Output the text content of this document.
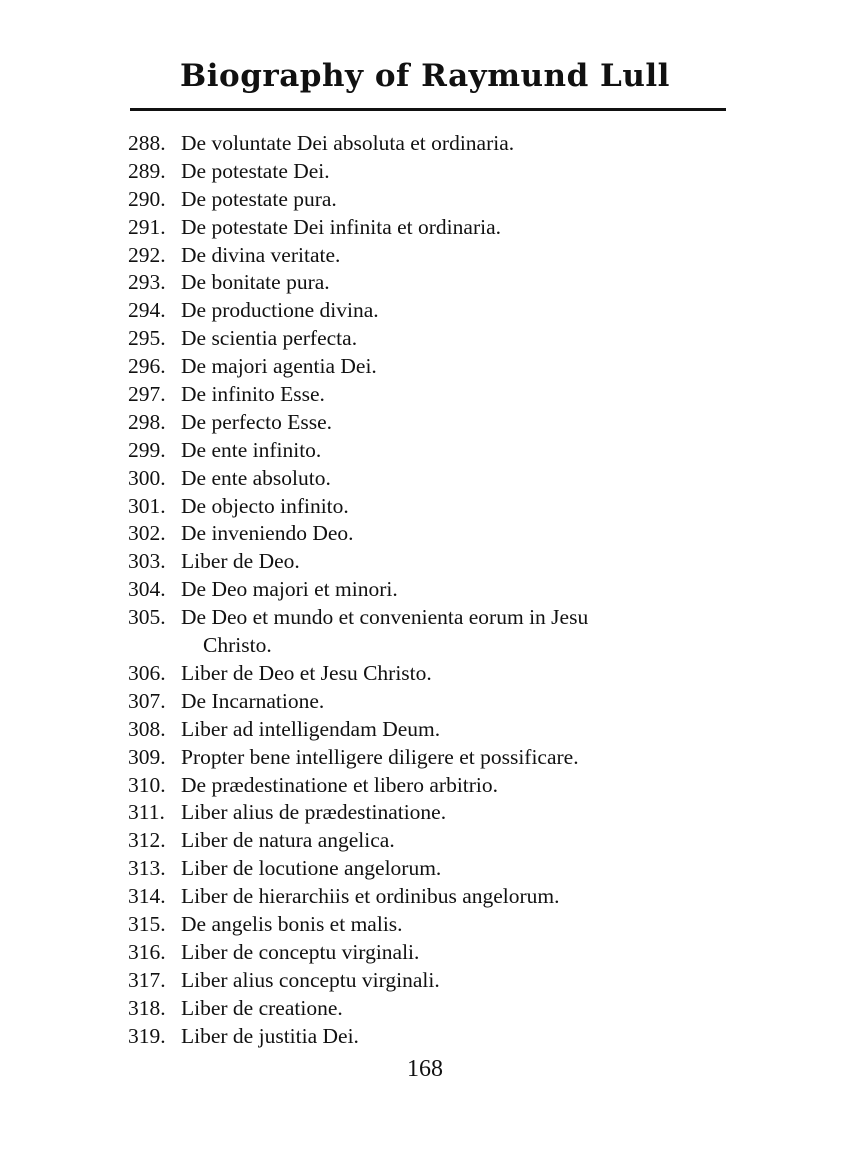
Biography of Raymund Lull
288. De voluntate Dei absoluta et ordinaria.
289. De potestate Dei.
290. De potestate pura.
291. De potestate Dei infinita et ordinaria.
292. De divina veritate.
293. De bonitate pura.
294. De productione divina.
295. De scientia perfecta.
296. De majori agentia Dei.
297. De infinito Esse.
298. De perfecto Esse.
299. De ente infinito.
300. De ente absoluto.
301. De objecto infinito.
302. De inveniendo Deo.
303. Liber de Deo.
304. De Deo majori et minori.
305. De Deo et mundo et convenienta eorum in Jesu
Christo.
306. Liber de Deo et Jesu Christo.
307. De Incarnatione.
308. Liber ad intelligendam Deum.
309. Propter bene intelligere diligere et possificare.
310. De prædestinatione et libero arbitrio.
311. Liber alius de prædestinatione.
312. Liber de natura angelica.
313. Liber de locutione angelorum.
314. Liber de hierarchiis et ordinibus angelorum.
315. De angelis bonis et malis.
316. Liber de conceptu virginali.
317. Liber alius conceptu virginali.
318. Liber de creatione.
319. Liber de justitia Dei.
168
